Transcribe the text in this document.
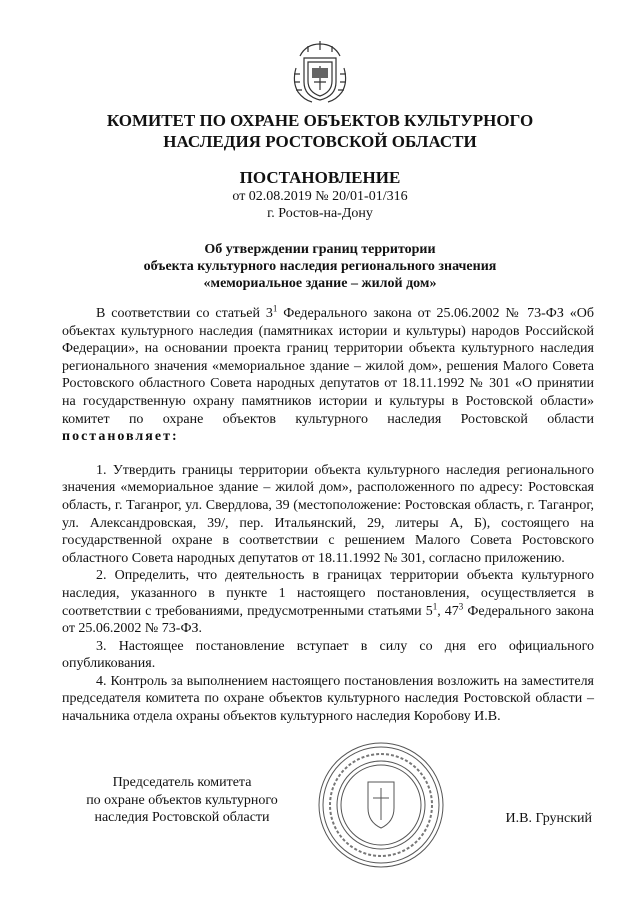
КОМИТЕТ ПО ОХРАНЕ ОБЪЕКТОВ КУЛЬТУРНОГО
НАСЛЕДИЯ РОСТОВСКОЙ ОБЛАСТИ
ПОСТАНОВЛЕНИЕ
от 02.08.2019 № 20/01-01/316
г. Ростов-на-Дону
Об утверждении границ территории
объекта культурного наследия регионального значения
«мемориальное здание – жилой дом»

В соответствии со статьей $3^1$ Федерального закона от 25.06.2002 № 73-ФЗ «Об объектах культурного наследия (памятниках истории и культуры) народов Российской Федерации», на основании проекта границ территории объекта культурного наследия регионального значения «мемориальное здание – жилой дом», решения Малого Совета Ростовского областного Совета народных депутатов от 18.11.1992 № 301 «О принятии на государственную охрану памятников истории и культуры в Ростовской области» комитет по охране объектов культурного наследия Ростовской области постановляет:

1. Утвердить границы территории объекта культурного наследия регионального значения «мемориальное здание – жилой дом», расположенного по адресу: Ростовская область, г. Таганрог, ул. Свердлова, 39 (местоположение: Ростовская область, г. Таганрог, ул. Александровская, 39/, пер. Итальянский, 29, литеры А, Б), состоящего на государственной охране в соответствии с решением Малого Совета Ростовского областного Совета народных депутатов от 18.11.1992 № 301, согласно приложению.

2. Определить, что деятельность в границах территории объекта культурного наследия, указанного в пункте 1 настоящего постановления, осуществляется в соответствии с требованиями, предусмотренными статьями $5^1$, $47^3$ Федерального закона от 25.06.2002 № 73-ФЗ.

3. Настоящее постановление вступает в силу со дня его официального опубликования.

4. Контроль за выполнением настоящего постановления возложить на заместителя председателя комитета по охране объектов культурного наследия Ростовской области – начальника отдела охраны объектов культурного наследия Коробову И.В.

Председатель комитета
по охране объектов культурного
наследия Ростовской области	И.В. Грунский
